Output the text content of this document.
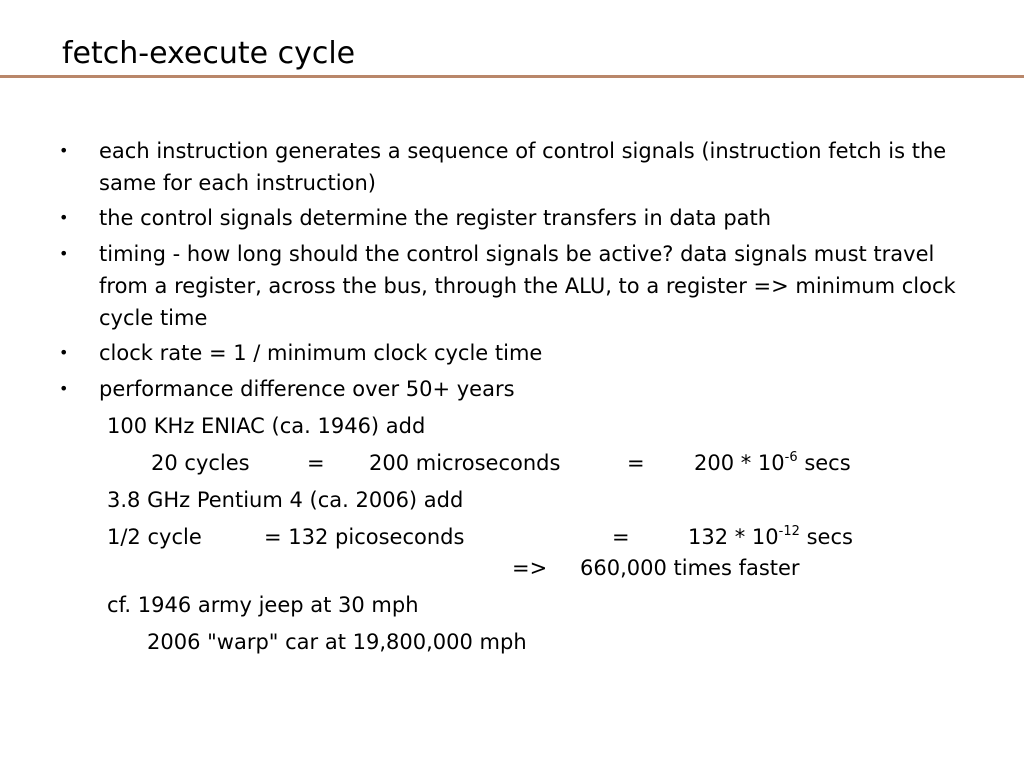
fetch-execute cycle
• each instruction generates a sequence of control signals (instruction fetch is the same for each instruction)
• the control signals determine the register transfers in data path
• timing - how long should the control signals be active? data signals must travel from a register, across the bus, through the ALU, to a register => minimum clock cycle time
• clock rate = 1 / minimum clock cycle time
• performance difference over 50+ years
100 KHz ENIAC (ca. 1946) add
20 cycles	= 200 microseconds	= $200 * 10^{-6}$ secs
3.8 GHz Pentium 4 (ca. 2006) add
1/2 cycle	= 132 picoseconds	=	$132 * 10^{-12}$ secs
=> 660,000 times faster
cf. 1946 army jeep at 30 mph
2006 "warp" car at 19,800,000 mph
